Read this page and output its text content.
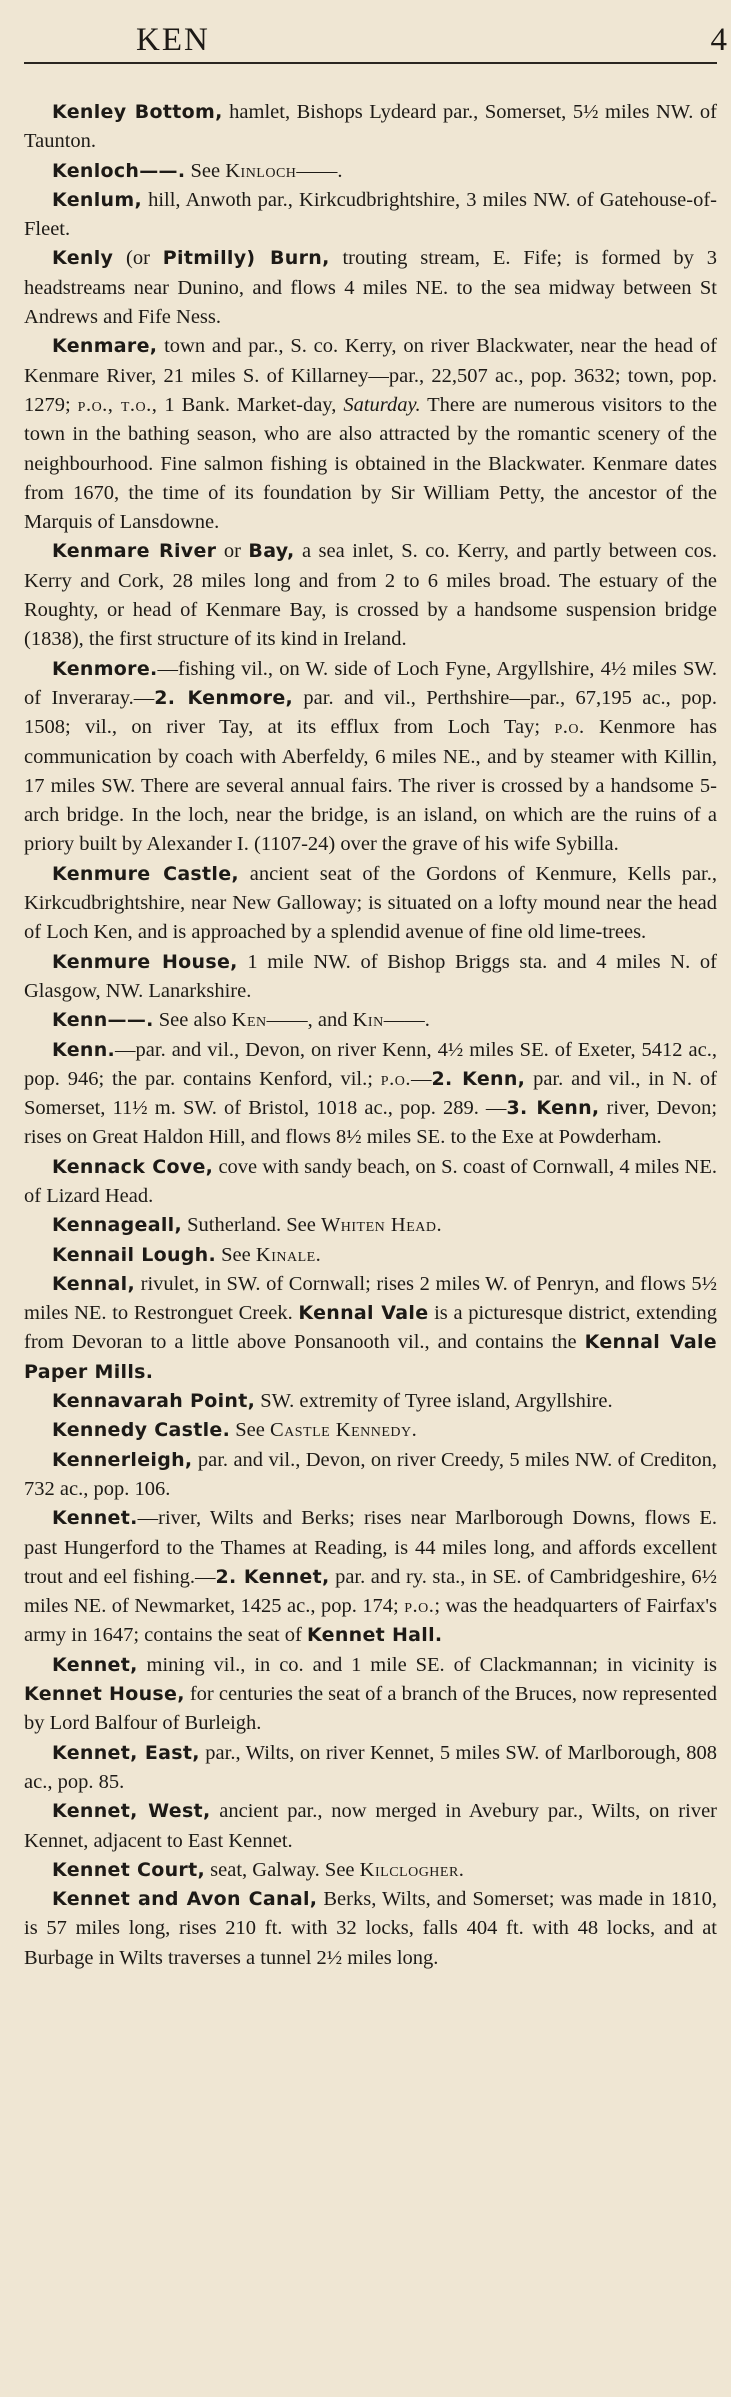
KEN	4

Kenley Bottom, hamlet, Bishops Lydeard par., Somerset, 5½ miles NW. of Taunton.

Kenloch——. See Kinloch——.

Kenlum, hill, Anwoth par., Kirkcudbrightshire, 3 miles NW. of Gatehouse-of-Fleet.

Kenly (or Pitmilly) Burn, trouting stream, E. Fife; is formed by 3 headstreams near Dunino, and flows 4 miles NE. to the sea midway between St Andrews and Fife Ness.

Kenmare, town and par., S. co. Kerry, on river Blackwater, near the head of Kenmare River, 21 miles S. of Killarney—par., 22,507 ac., pop. 3632; town, pop. 1279; p.o., t.o., 1 Bank. Market-day, Saturday. There are numerous visitors to the town in the bathing season, who are also attracted by the romantic scenery of the neighbourhood. Fine salmon fishing is obtained in the Blackwater. Kenmare dates from 1670, the time of its foundation by Sir William Petty, the ancestor of the Marquis of Lansdowne.

Kenmare River or Bay, a sea inlet, S. co. Kerry, and partly between cos. Kerry and Cork, 28 miles long and from 2 to 6 miles broad. The estuary of the Roughty, or head of Kenmare Bay, is crossed by a handsome suspension bridge (1838), the first structure of its kind in Ireland.

Kenmore.—fishing vil., on W. side of Loch Fyne, Argyllshire, 4½ miles SW. of Inveraray.—2. Kenmore, par. and vil., Perthshire—par., 67,195 ac., pop. 1508; vil., on river Tay, at its efflux from Loch Tay; p.o. Kenmore has communication by coach with Aberfeldy, 6 miles NE., and by steamer with Killin, 17 miles SW. There are several annual fairs. The river is crossed by a handsome 5-arch bridge. In the loch, near the bridge, is an island, on which are the ruins of a priory built by Alexander I. (1107-24) over the grave of his wife Sybilla.

Kenmure Castle, ancient seat of the Gordons of Kenmure, Kells par., Kirkcudbrightshire, near New Galloway; is situated on a lofty mound near the head of Loch Ken, and is approached by a splendid avenue of fine old lime-trees.

Kenmure House, 1 mile NW. of Bishop Briggs sta. and 4 miles N. of Glasgow, NW. Lanarkshire.

Kenn——. See also Ken——, and Kin——.

Kenn.—par. and vil., Devon, on river Kenn, 4½ miles SE. of Exeter, 5412 ac., pop. 946; the par. contains Kenford, vil.; p.o.—2. Kenn, par. and vil., in N. of Somerset, 11½ m. SW. of Bristol, 1018 ac., pop. 289. —3. Kenn, river, Devon; rises on Great Haldon Hill, and flows 8½ miles SE. to the Exe at Powderham.

Kennack Cove, cove with sandy beach, on S. coast of Cornwall, 4 miles NE. of Lizard Head.

Kennageall, Sutherland. See Whiten Head.

Kennail Lough. See Kinale.

Kennal, rivulet, in SW. of Cornwall; rises 2 miles W. of Penryn, and flows 5½ miles NE. to Restronguet Creek. Kennal Vale is a picturesque district, extending from Devoran to a little above Ponsanooth vil., and contains the Kennal Vale Paper Mills.

Kennavarah Point, SW. extremity of Tyree island, Argyllshire.

Kennedy Castle. See Castle Kennedy.

Kennerleigh, par. and vil., Devon, on river Creedy, 5 miles NW. of Crediton, 732 ac., pop. 106.

Kennet.—river, Wilts and Berks; rises near Marlborough Downs, flows E. past Hungerford to the Thames at Reading, is 44 miles long, and affords excellent trout and eel fishing.—2. Kennet, par. and ry. sta., in SE. of Cambridgeshire, 6½ miles NE. of Newmarket, 1425 ac., pop. 174; p.o.; was the headquarters of Fairfax's army in 1647; contains the seat of Kennet Hall.

Kennet, mining vil., in co. and 1 mile SE. of Clackmannan; in vicinity is Kennet House, for centuries the seat of a branch of the Bruces, now represented by Lord Balfour of Burleigh.

Kennet, East, par., Wilts, on river Kennet, 5 miles SW. of Marlborough, 808 ac., pop. 85.

Kennet, West, ancient par., now merged in Avebury par., Wilts, on river Kennet, adjacent to East Kennet.

Kennet Court, seat, Galway. See Kilclogher.

Kennet and Avon Canal, Berks, Wilts, and Somerset; was made in 1810, is 57 miles long, rises 210 ft. with 32 locks, falls 404 ft. with 48 locks, and at Burbage in Wilts traverses a tunnel 2½ miles long.
